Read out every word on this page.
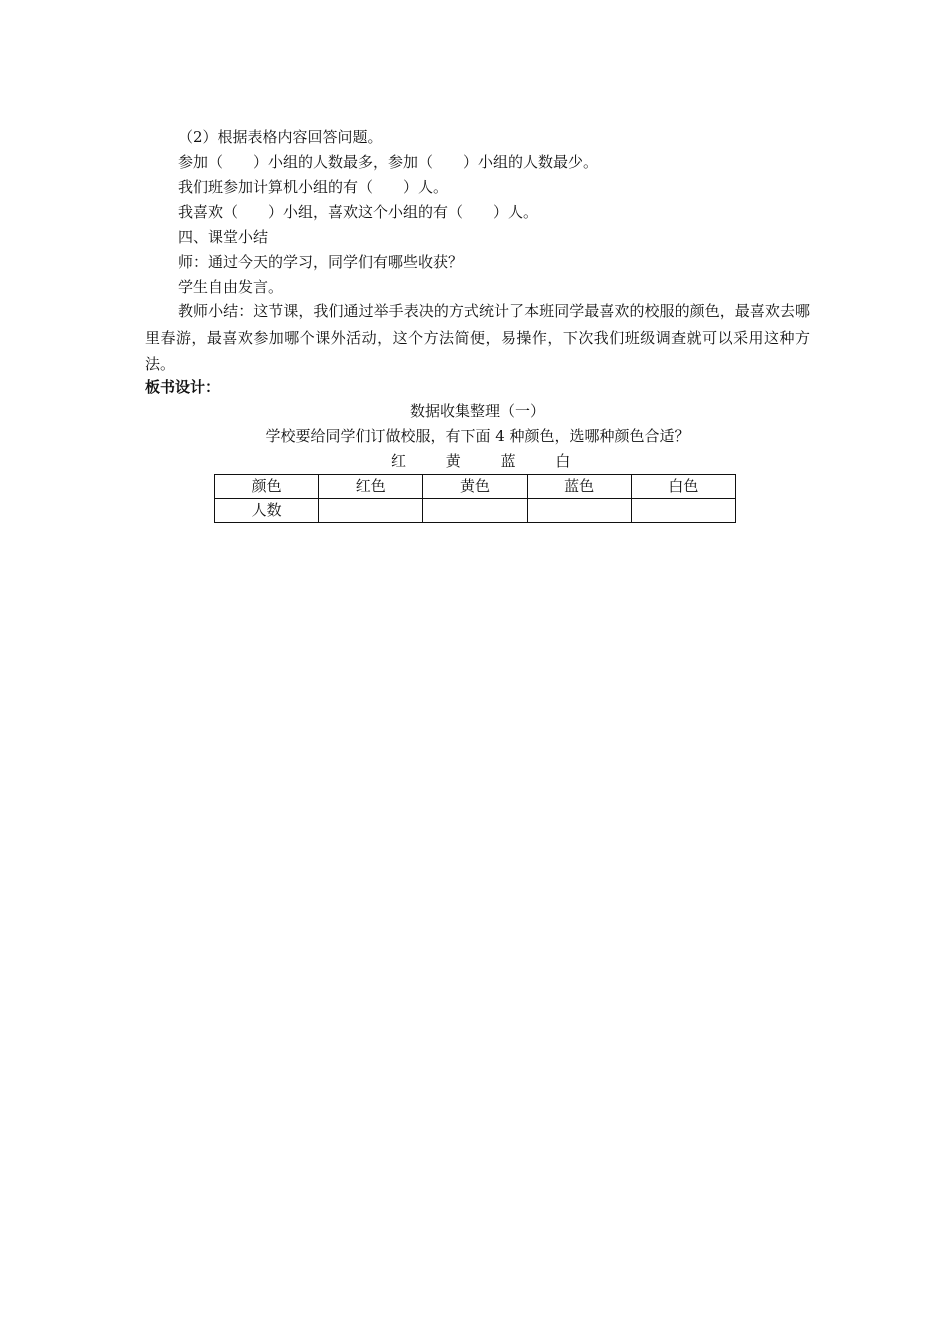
（2）根据表格内容回答问题。
参加（　　）小组的人数最多，参加（　　）小组的人数最少。
我们班参加计算机小组的有（　　）人。
我喜欢（　　）小组，喜欢这个小组的有（　　）人。
四、课堂小结
师：通过今天的学习，同学们有哪些收获？
学生自由发言。
教师小结：这节课，我们通过举手表决的方式统计了本班同学最喜欢的校服的颜色，最喜欢去哪里春游，最喜欢参加哪个课外活动，这个方法简便，易操作，下次我们班级调查就可以采用这种方法。
板书设计：
数据收集整理（一）
学校要给同学们订做校服，有下面 4 种颜色，选哪种颜色合适？
红	黄	蓝	白
颜色	红色	黄色	蓝色	白色
人数				
